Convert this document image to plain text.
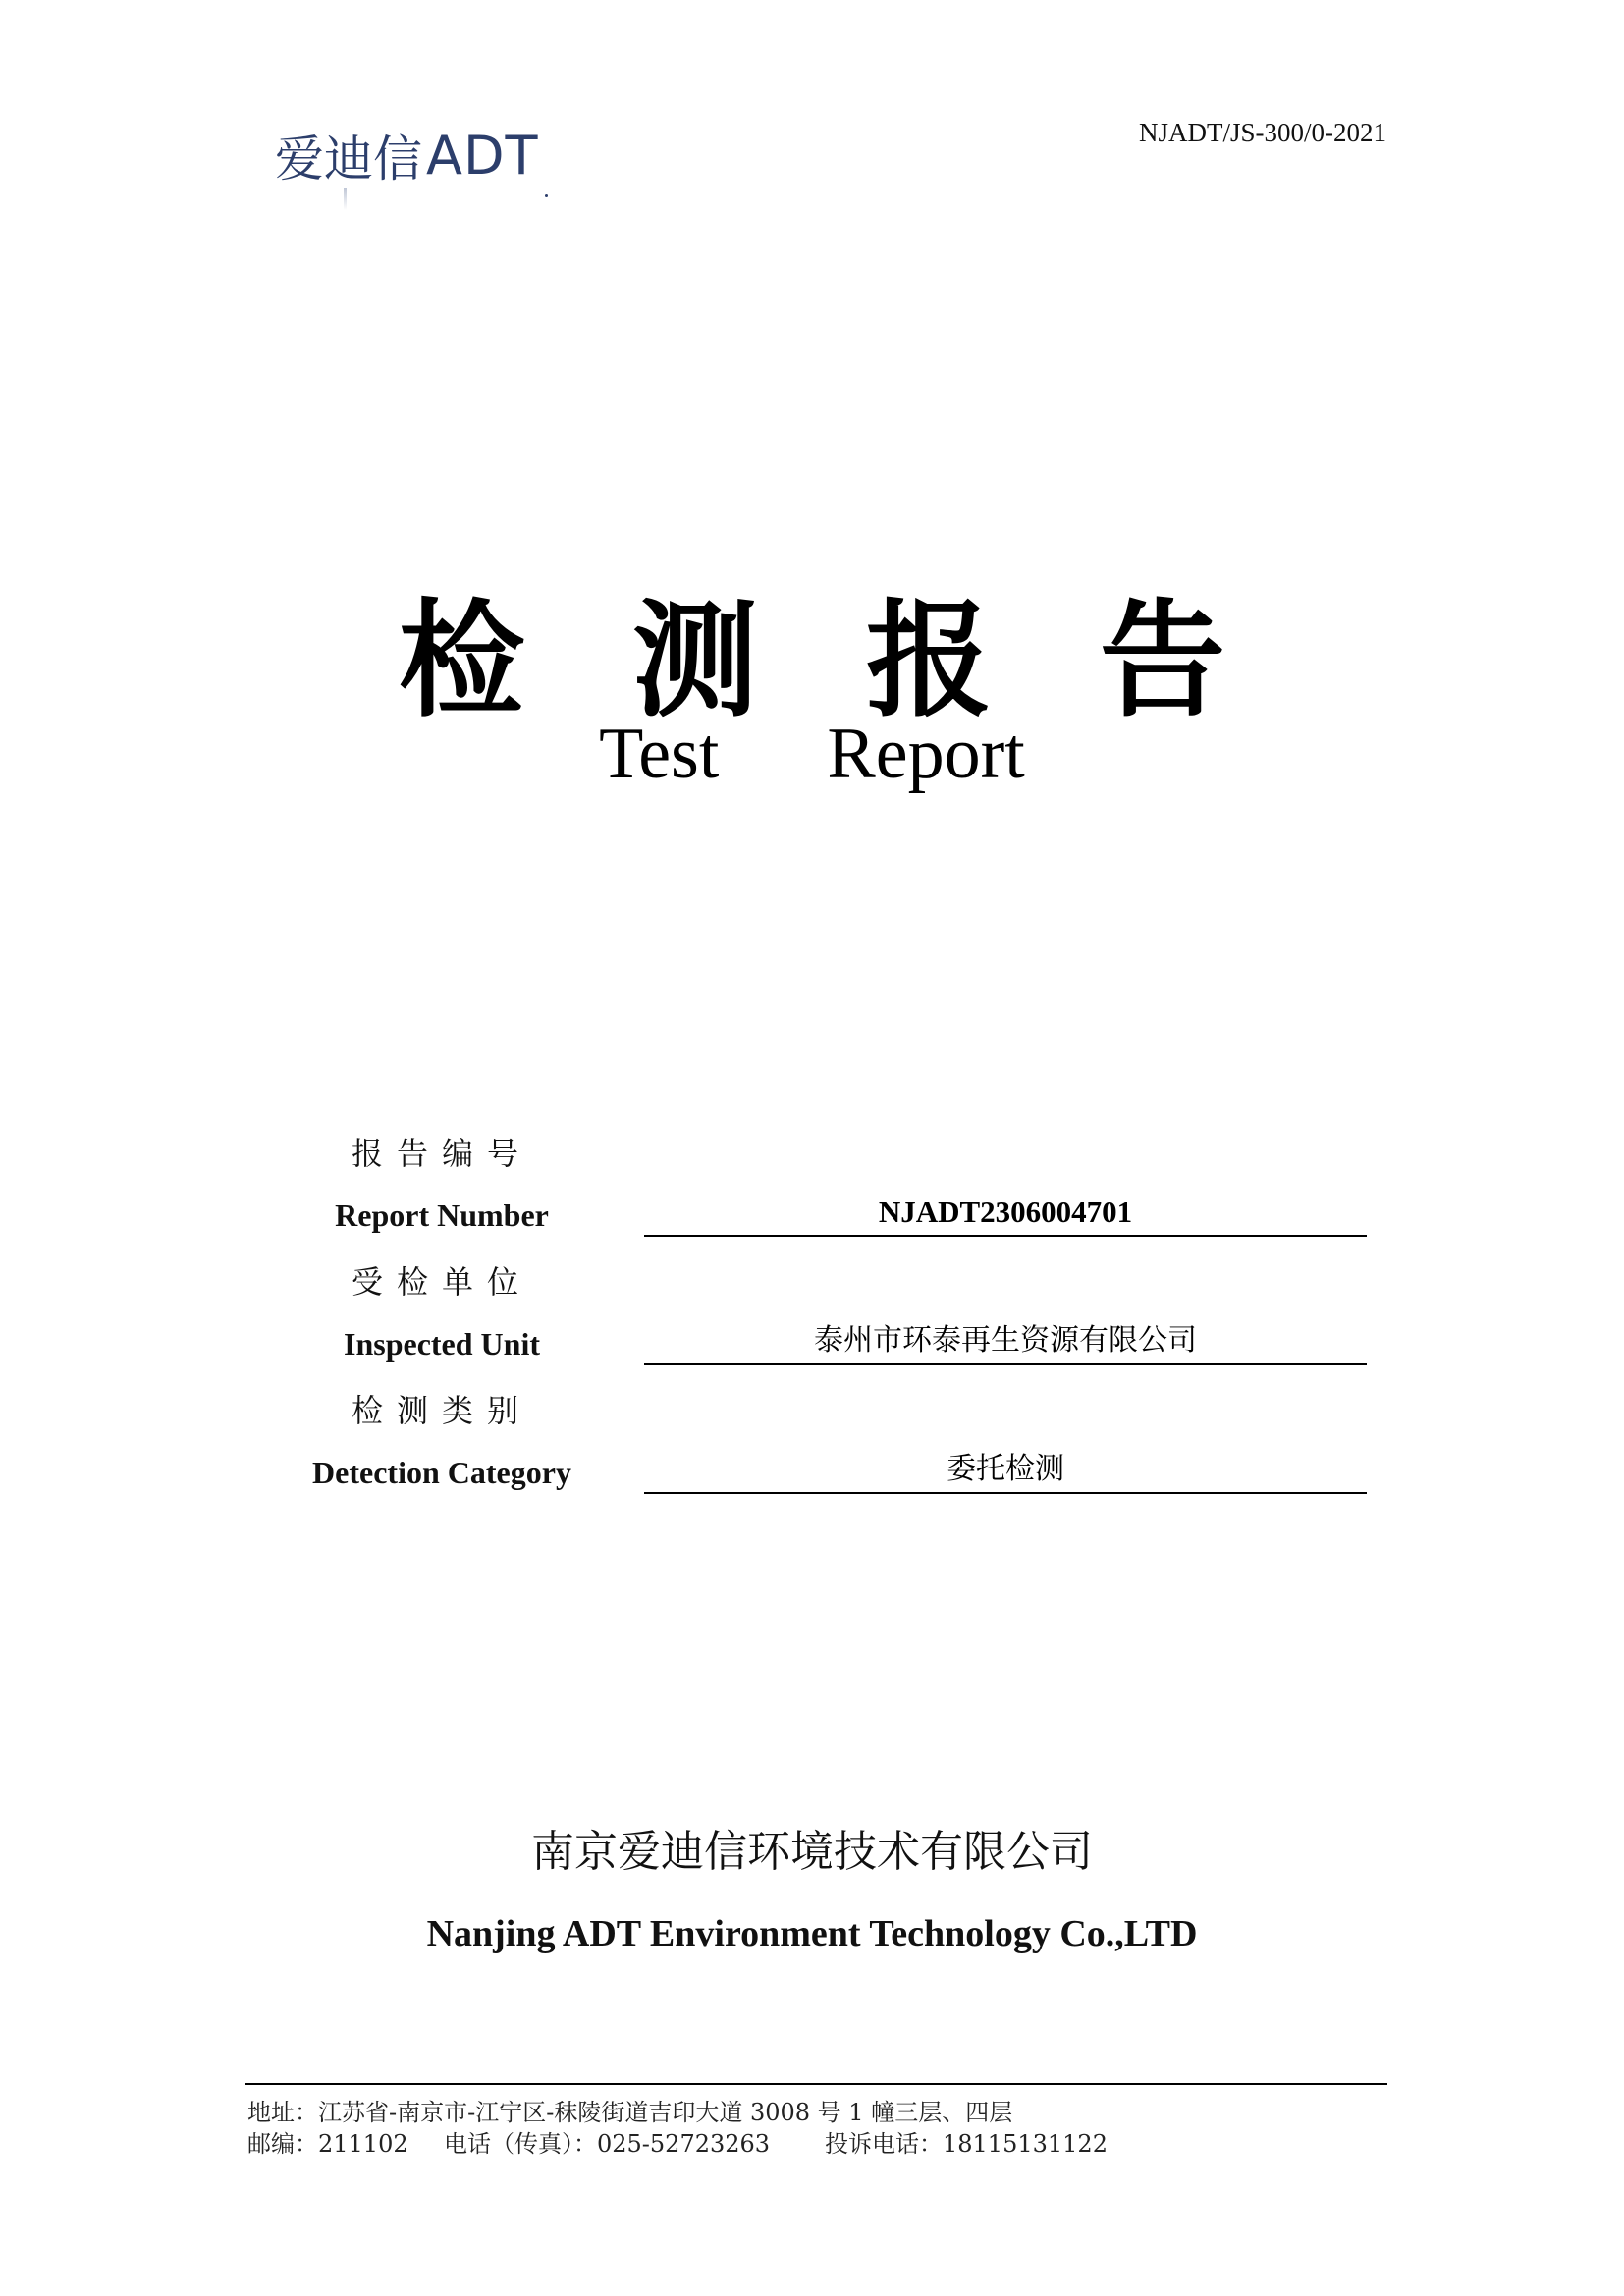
爱迪信 ADT	NJADT/JS-300/0-2021
检 测 报 告
Test Report
报告编号
Report Number	NJADT2306004701
受检单位
Inspected Unit	泰州市环泰再生资源有限公司
检测类别
Detection Category	委托检测
南京爱迪信环境技术有限公司
Nanjing ADT Environment Technology Co.,LTD
地址：江苏省-南京市-江宁区-秣陵街道吉印大道 3008 号 1 幢三层、四层
邮编：211102 电话（传真）：025-52723263 投诉电话：18115131122
